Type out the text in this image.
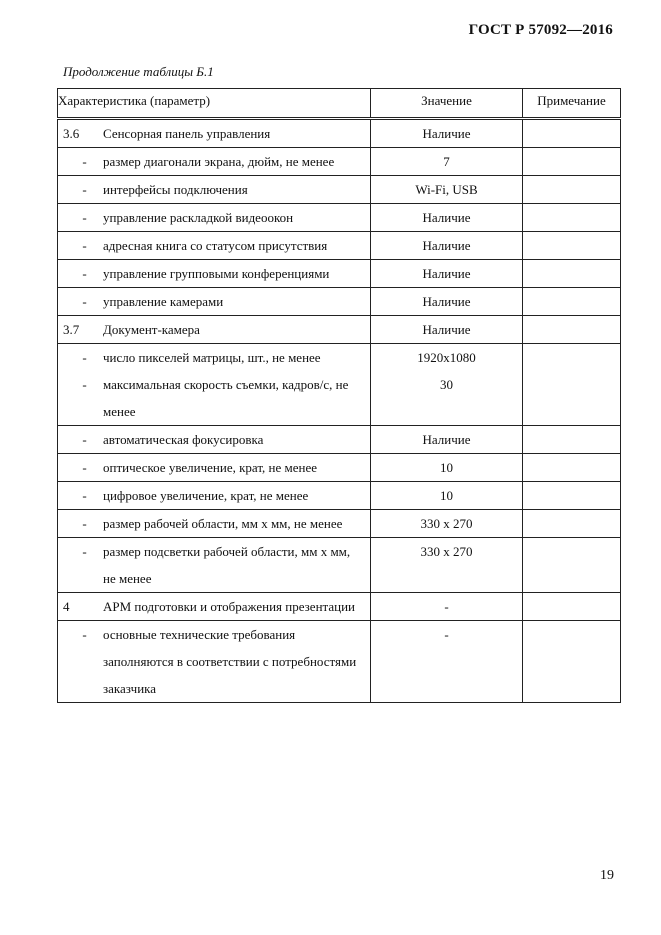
ГОСТ Р 57092—2016
Продолжение таблицы Б.1
Характеристика (параметр)	Значение	Примечание

3.6 Сенсорная панель управления	Наличие	

- размер диагонали экрана, дюйм, не менее	7	

- интерфейсы подключения	Wi-Fi, USB	

- управление раскладкой видеоокон	Наличие	

- адресная книга со статусом присутствия	Наличие	

- управление групповыми конференциями	Наличие	

- управление камерами	Наличие	

3.7 Документ-камера	Наличие	

- число пикселей матрицы, шт., не менее	1920x1080	

- максимальная скорость съемки, кадров/с, не менее	30	

- автоматическая фокусировка	Наличие	

- оптическое увеличение, крат, не менее	10	

- цифровое увеличение, крат, не менее	10	

- размер рабочей области, мм х мм, не менее	330 x 270	

- размер подсветки рабочей области, мм х мм, не менее	330 x 270	

4 АРМ подготовки и отображения презентации	-	

- основные технические требования заполняются в соответствии с потребностями заказчика	-	
19
